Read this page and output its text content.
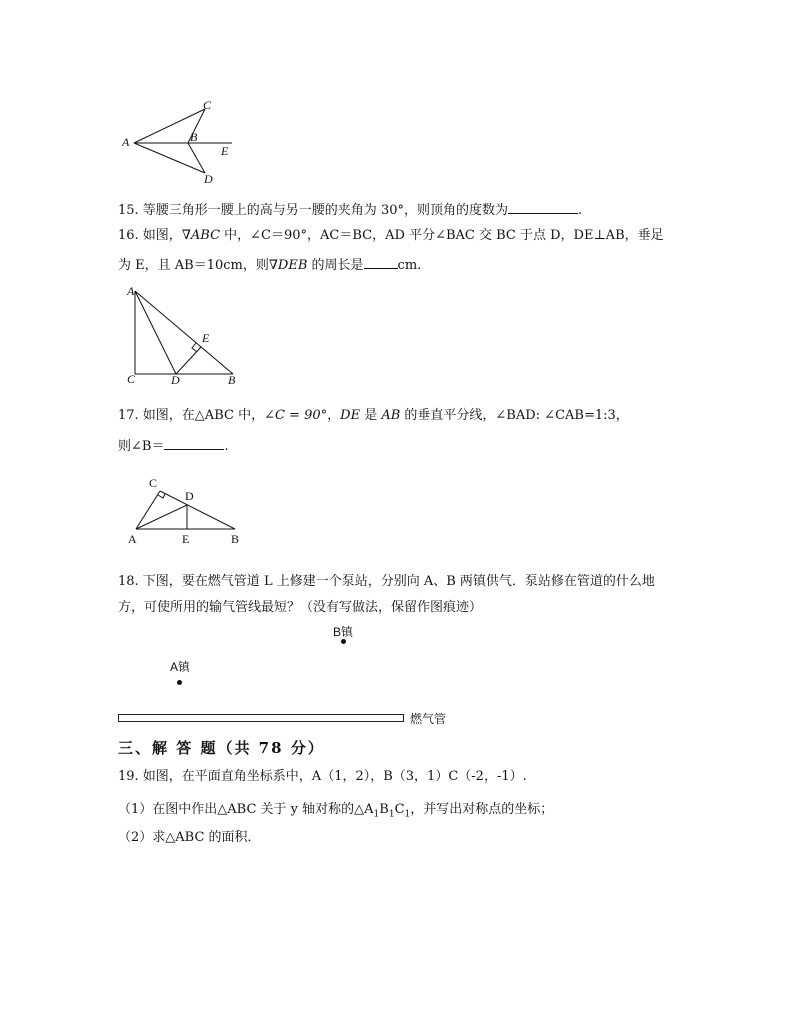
C
A	B
E
D
15. 等腰三角形一腰上的高与另一腰的夹角为 30°，则顶角的度数为	.
16. 如图，∇ABC 中，∠C＝90°，AC＝BC，AD 平分∠BAC 交 BC 于点 D，DE⊥AB，垂足
为 E，且 AB＝10cm，则∇DEB 的周长是	cm.
A
E
C	D	B
17. 如图，在△ABC 中，∠C = 90°，DE 是 AB 的垂直平分线，∠BAD: ∠CAB=1:3，
则∠B＝	.
C
D
A	E	B
18. 下图，要在燃气管道 L 上修建一个泵站，分别向 A、B 两镇供气．泵站修在管道的什么地
方，可使所用的输气管线最短？（没有写做法，保留作图痕迹）
B镇
A镇
燃气管
三、解 答 题（共 78 分）
19. 如图，在平面直角坐标系中，A（1，2），B（3，1）C（-2，-1）.
（1）在图中作出△ABC 关于 y 轴对称的$\triangle A_1B_1C_1$，并写出对称点的坐标；
（2）求△ABC 的面积．
